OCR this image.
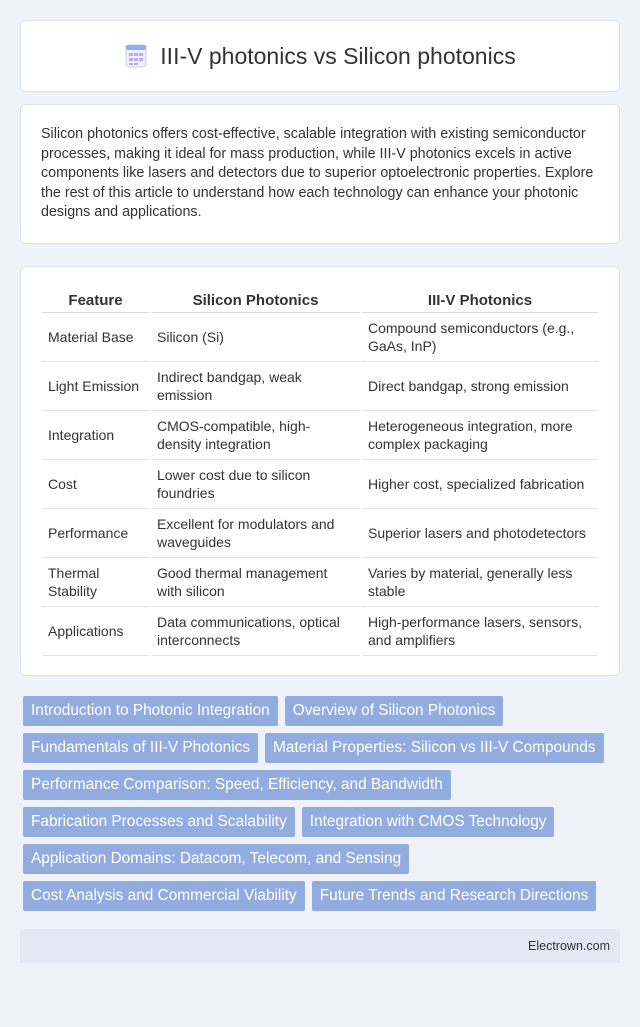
III-V photonics vs Silicon photonics

Silicon photonics offers cost-effective, scalable integration with existing semiconductor processes, making it ideal for mass production, while III-V photonics excels in active components like lasers and detectors due to superior optoelectronic properties. Explore the rest of this article to understand how each technology can enhance your photonic designs and applications.

Feature	Silicon Photonics	III-V Photonics
Material Base	Silicon (Si)	Compound semiconductors (e.g., GaAs, InP)
Light Emission	Indirect bandgap, weak emission	Direct bandgap, strong emission
Integration	CMOS-compatible, high-density integration	Heterogeneous integration, more complex packaging
Cost	Lower cost due to silicon foundries	Higher cost, specialized fabrication
Performance	Excellent for modulators and waveguides	Superior lasers and photodetectors
Thermal Stability	Good thermal management with silicon	Varies by material, generally less stable
Applications	Data communications, optical interconnects	High-performance lasers, sensors, and amplifiers
Introduction to Photonic Integration	Overview of Silicon Photonics
Fundamentals of III-V Photonics	Material Properties: Silicon vs III-V Compounds
Performance Comparison: Speed, Efficiency, and Bandwidth
Fabrication Processes and Scalability	Integration with CMOS Technology
Application Domains: Datacom, Telecom, and Sensing
Cost Analysis and Commercial Viability	Future Trends and Research Directions
Electrown.com
